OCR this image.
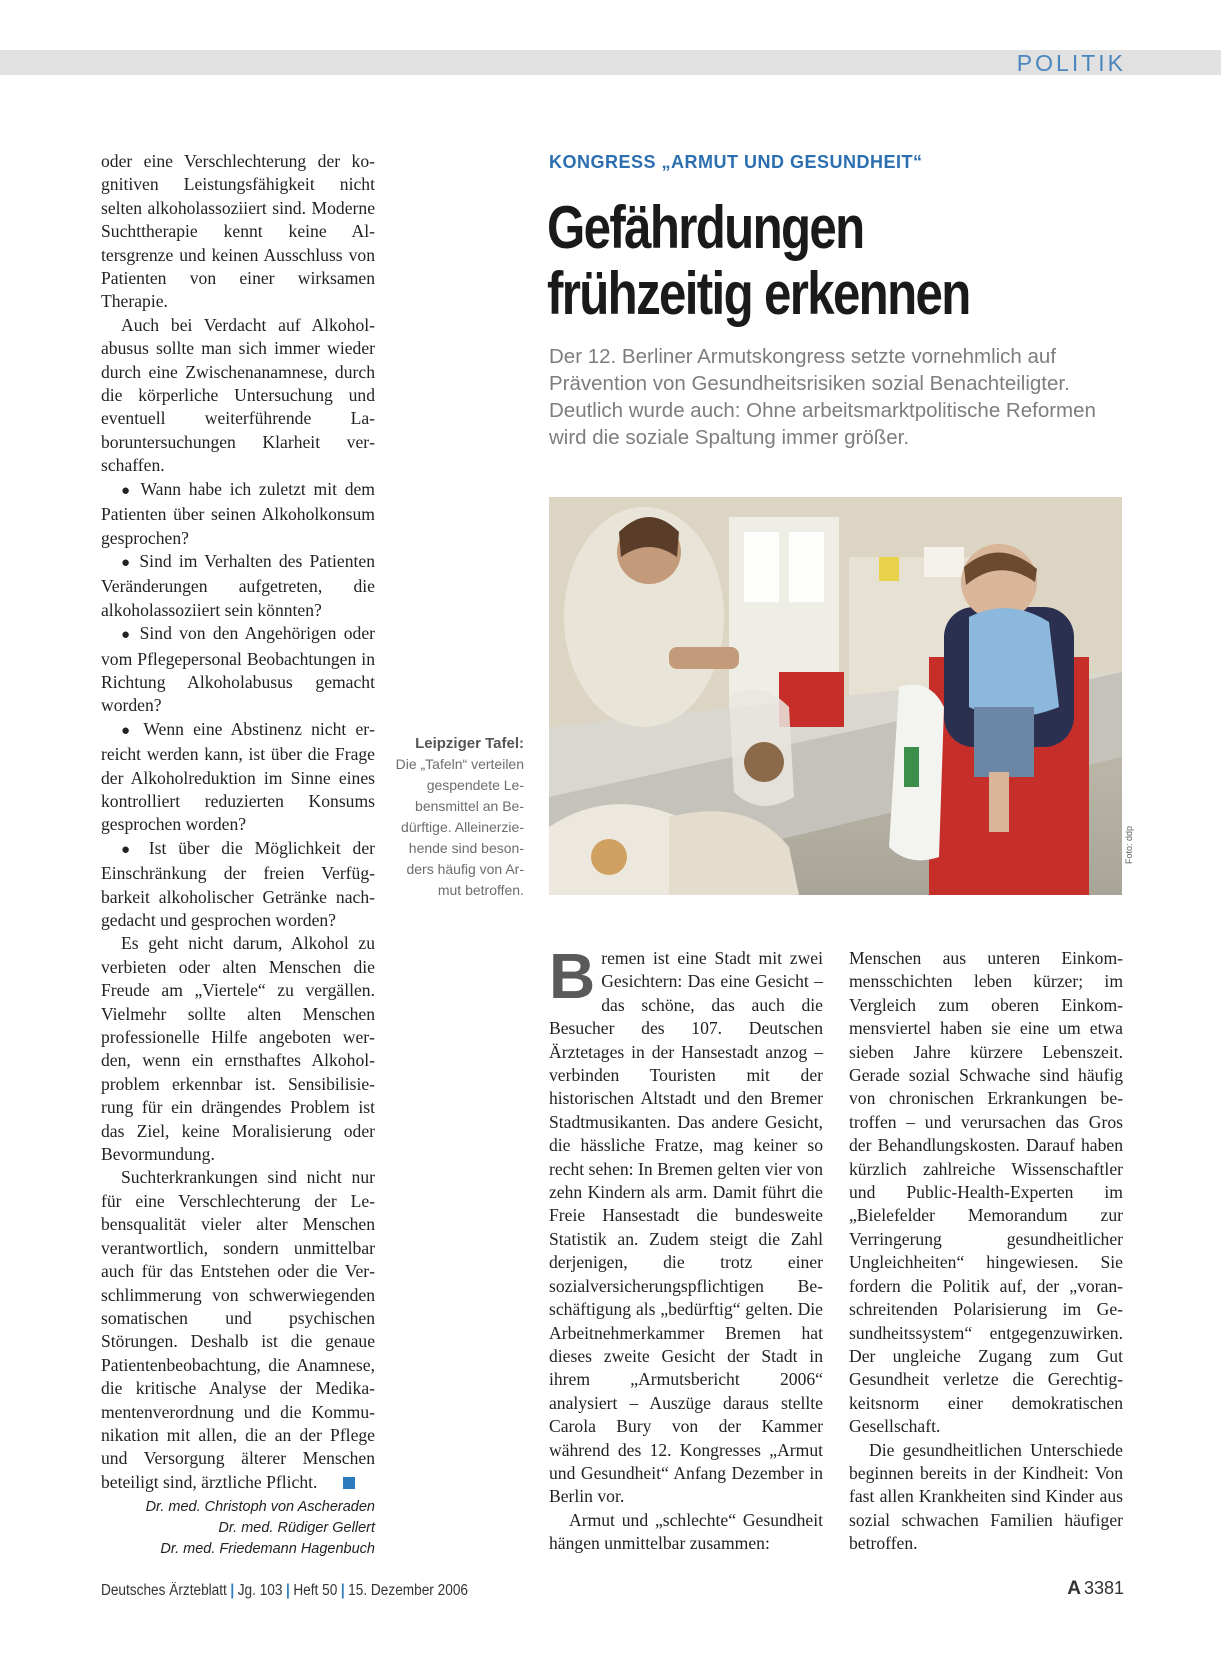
POLITIK

oder eine Verschlechterung der kognitiven Leistungsfähigkeit nicht selten alkoholassoziiert sind. Moderne Suchttherapie kennt keine Altersgrenze und keinen Ausschluss von Patienten von einer wirksamen Therapie.

Auch bei Verdacht auf Alkoholabusus sollte man sich immer wieder durch eine Zwischenanamnese, durch die körperliche Untersuchung und eventuell weiterführende Laboruntersuchungen Klarheit verschaffen.

● Wann habe ich zuletzt mit dem Patienten über seinen Alkoholkonsum gesprochen?

● Sind im Verhalten des Patienten Veränderungen aufgetreten, die alkoholassoziiert sein könnten?

● Sind von den Angehörigen oder vom Pflegepersonal Beobachtungen in Richtung Alkoholabusus gemacht worden?

● Wenn eine Abstinenz nicht erreicht werden kann, ist über die Frage der Alkoholreduktion im Sinne eines kontrolliert reduzierten Konsums gesprochen worden?

● Ist über die Möglichkeit der Einschränkung der freien Verfügbarkeit alkoholischer Getränke nachgedacht und gesprochen worden?

Es geht nicht darum, Alkohol zu verbieten oder alten Menschen die Freude am „Viertele“ zu vergällen. Vielmehr sollte alten Menschen professionelle Hilfe angeboten werden, wenn ein ernsthaftes Alkoholproblem erkennbar ist. Sensibilisierung für ein drängendes Problem ist das Ziel, keine Moralisierung oder Bevormundung.

Suchterkrankungen sind nicht nur für eine Verschlechterung der Lebensqualität vieler alter Menschen verantwortlich, sondern unmittelbar auch für das Entstehen oder die Verschlimmerung von schwerwiegenden somatischen und psychischen Störungen. Deshalb ist die genaue Patientenbeobachtung, die Anamnese, die kritische Analyse der Medikamentenverordnung und die Kommunikation mit allen, die an der Pflege und Versorgung älterer Menschen beteiligt sind, ärztliche Pflicht.

Dr. med. Christoph von Ascheraden
Dr. med. Rüdiger Gellert
Dr. med. Friedemann Hagenbuch
KONGRESS „ARMUT UND GESUNDHEIT“
Gefährdungen
frühzeitig erkennen

Der 12. Berliner Armutskongress setzte vornehmlich auf Prävention von Gesundheitsrisiken sozial Benachteiligter. Deutlich wurde auch: Ohne arbeitsmarktpolitische Reformen wird die soziale Spaltung immer größer.

Foto: ddp
Leipziger Tafel:
Die „Tafeln“ verteilen gespendete Lebensmittel an Bedürftige. Alleinerziehende sind besonders häufig von Armut betroffen.

Bremen ist eine Stadt mit zwei Gesichtern: Das eine Gesicht – das schöne, das auch die Besucher des 107. Deutschen Ärztetages in der Hansestadt anzog – verbinden Touristen mit der historischen Altstadt und den Bremer Stadtmusikanten. Das andere Gesicht, die hässliche Fratze, mag keiner so recht sehen: In Bremen gelten vier von zehn Kindern als arm. Damit führt die Freie Hansestadt die bundesweite Statistik an. Zudem steigt die Zahl derjenigen, die trotz einer sozialversicherungspflichtigen Beschäftigung als „bedürftig“ gelten. Die Arbeitnehmerkammer Bremen hat dieses zweite Gesicht der Stadt in ihrem „Armutsbericht 2006“ analysiert – Auszüge daraus stellte Carola Bury von der Kammer während des 12. Kongresses „Armut und Gesundheit“ Anfang Dezember in Berlin vor.

Armut und „schlechte“ Gesundheit hängen unmittelbar zusammen:

Menschen aus unteren Einkommensschichten leben kürzer; im Vergleich zum oberen Einkommensviertel haben sie eine um etwa sieben Jahre kürzere Lebenszeit. Gerade sozial Schwache sind häufig von chronischen Erkrankungen betroffen – und verursachen das Gros der Behandlungskosten. Darauf haben kürzlich zahlreiche Wissenschaftler und Public-Health-Experten im „Bielefelder Memorandum zur Verringerung gesundheitlicher Ungleichheiten“ hingewiesen. Sie fordern die Politik auf, der „voranschreitenden Polarisierung im Gesundheitssystem“ entgegenzuwirken. Der ungleiche Zugang zum Gut Gesundheit verletze die Gerechtigkeitsnorm einer demokratischen Gesellschaft.

Die gesundheitlichen Unterschiede beginnen bereits in der Kindheit: Von fast allen Krankheiten sind Kinder aus sozial schwachen Familien häufiger betroffen.

Deutsches Ärzteblatt | Jg. 103 | Heft 50 | 15. Dezember 2006	A 3381
